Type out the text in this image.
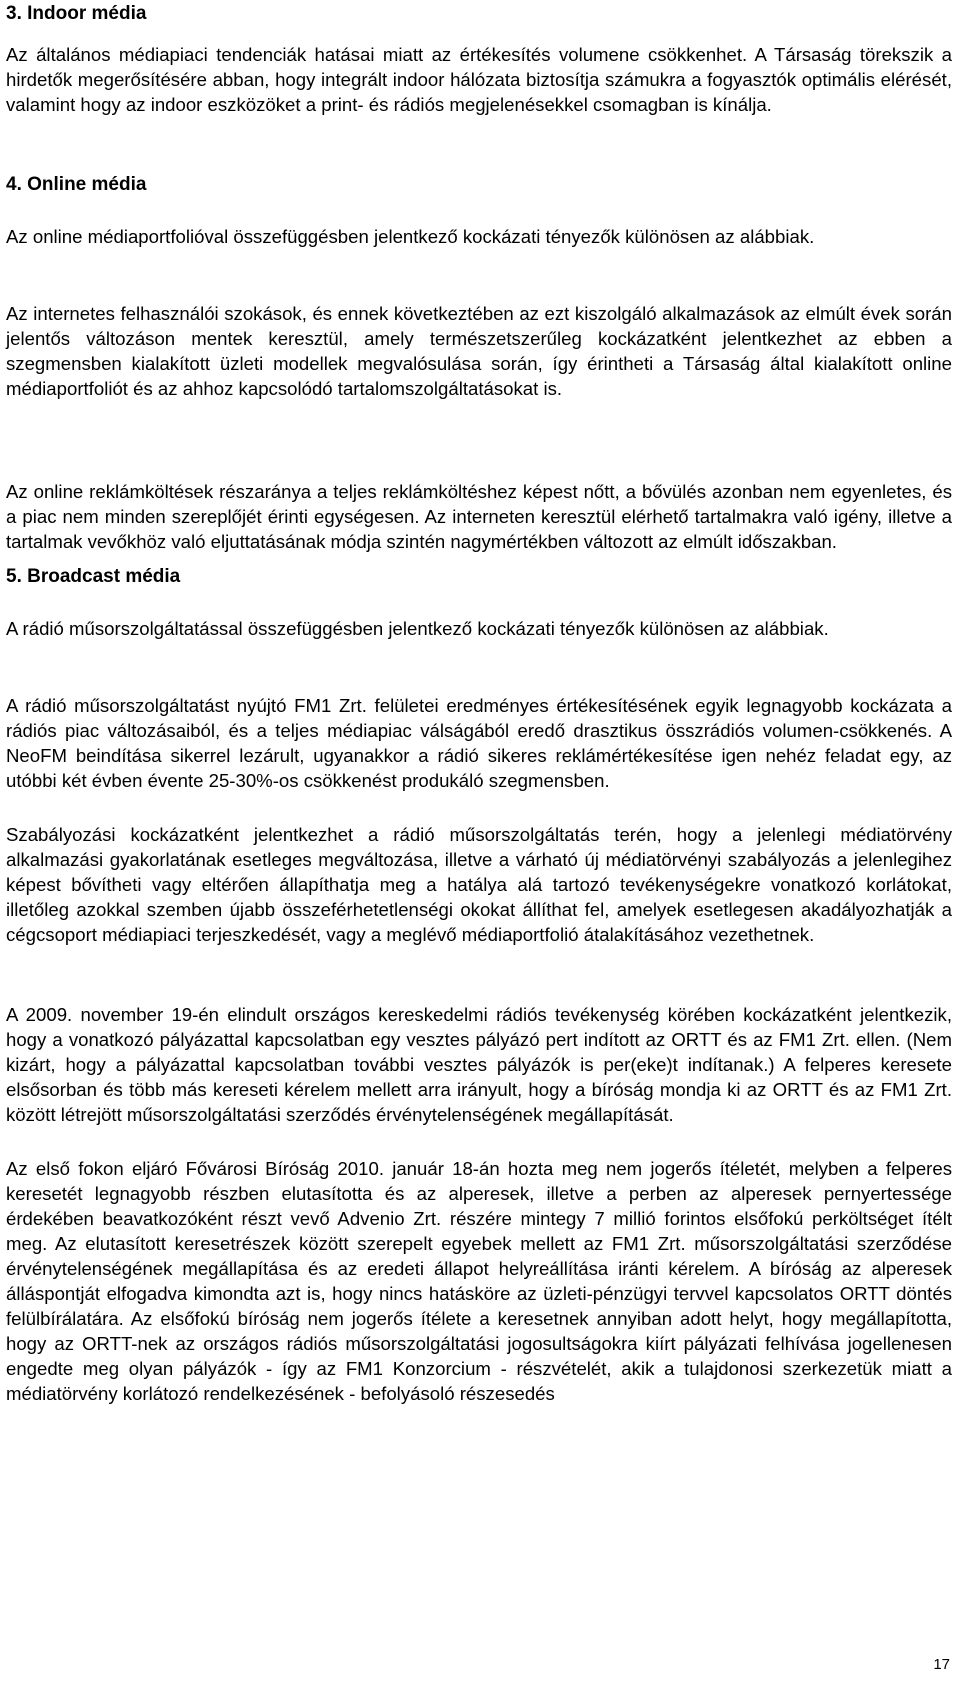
3. Indoor média

Az általános médiapiaci tendenciák hatásai miatt az értékesítés volumene csökkenhet. A Társaság törekszik a hirdetők megerősítésére abban, hogy integrált indoor hálózata biztosítja számukra a fogyasztók optimális elérését, valamint hogy az indoor eszközöket a print- és rádiós megjelenésekkel csomagban is kínálja.

4. Online média

Az online médiaportfolióval összefüggésben jelentkező kockázati tényezők különösen az alábbiak.

Az internetes felhasználói szokások, és ennek következtében az ezt kiszolgáló alkalmazások az elmúlt évek során jelentős változáson mentek keresztül, amely természetszerűleg kockázatként jelentkezhet az ebben a szegmensben kialakított üzleti modellek megvalósulása során, így érintheti a Társaság által kialakított online médiaportfoliót és az ahhoz kapcsolódó tartalomszolgáltatásokat is.

Az online reklámköltések részaránya a teljes reklámköltéshez képest nőtt, a bővülés azonban nem egyenletes, és a piac nem minden szereplőjét érinti egységesen. Az interneten keresztül elérhető tartalmakra való igény, illetve a tartalmak vevőkhöz való eljuttatásának módja szintén nagymértékben változott az elmúlt időszakban.

5. Broadcast média

A rádió műsorszolgáltatással összefüggésben jelentkező kockázati tényezők különösen az alábbiak.

A rádió műsorszolgáltatást nyújtó FM1 Zrt. felületei eredményes értékesítésének egyik legnagyobb kockázata a rádiós piac változásaiból, és a teljes médiapiac válságából eredő drasztikus összrádiós volumen-csökkenés. A NeoFM beindítása sikerrel lezárult, ugyanakkor a rádió sikeres reklámértékesítése igen nehéz feladat egy, az utóbbi két évben évente 25-30%-os csökkenést produkáló szegmensben.

Szabályozási kockázatként jelentkezhet a rádió műsorszolgáltatás terén, hogy a jelenlegi médiatörvény alkalmazási gyakorlatának esetleges megváltozása, illetve a várható új médiatörvényi szabályozás a jelenlegihez képest bővítheti vagy eltérően állapíthatja meg a hatálya alá tartozó tevékenységekre vonatkozó korlátokat, illetőleg azokkal szemben újabb összeférhetetlenségi okokat állíthat fel, amelyek esetlegesen akadályozhatják a cégcsoport médiapiaci terjeszkedését, vagy a meglévő médiaportfolió átalakításához vezethetnek.

A 2009. november 19-én elindult országos kereskedelmi rádiós tevékenység körében kockázatként jelentkezik, hogy a vonatkozó pályázattal kapcsolatban egy vesztes pályázó pert indított az ORTT és az FM1 Zrt. ellen. (Nem kizárt, hogy a pályázattal kapcsolatban további vesztes pályázók is per(eke)t indítanak.) A felperes keresete elsősorban és több más kereseti kérelem mellett arra irányult, hogy a bíróság mondja ki az ORTT és az FM1 Zrt. között létrejött műsorszolgáltatási szerződés érvénytelenségének megállapítását.

Az első fokon eljáró Fővárosi Bíróság 2010. január 18-án hozta meg nem jogerős ítéletét, melyben a felperes keresetét legnagyobb részben elutasította és az alperesek, illetve a perben az alperesek pernyertessége érdekében beavatkozóként részt vevő Advenio Zrt. részére mintegy 7 millió forintos elsőfokú perköltséget ítélt meg. Az elutasított keresetrészek között szerepelt egyebek mellett az FM1 Zrt. műsorszolgáltatási szerződése érvénytelenségének megállapítása és az eredeti állapot helyreállítása iránti kérelem. A bíróság az alperesek álláspontját elfogadva kimondta azt is, hogy nincs hatásköre az üzleti-pénzügyi tervvel kapcsolatos ORTT döntés felülbírálatára. Az elsőfokú bíróság nem jogerős ítélete a keresetnek annyiban adott helyt, hogy megállapította, hogy az ORTT-nek az országos rádiós műsorszolgáltatási jogosultságokra kiírt pályázati felhívása jogellenesen engedte meg olyan pályázók - így az FM1 Konzorcium - részvételét, akik a tulajdonosi szerkezetük miatt a médiatörvény korlátozó rendelkezésének - befolyásoló részesedés

17
